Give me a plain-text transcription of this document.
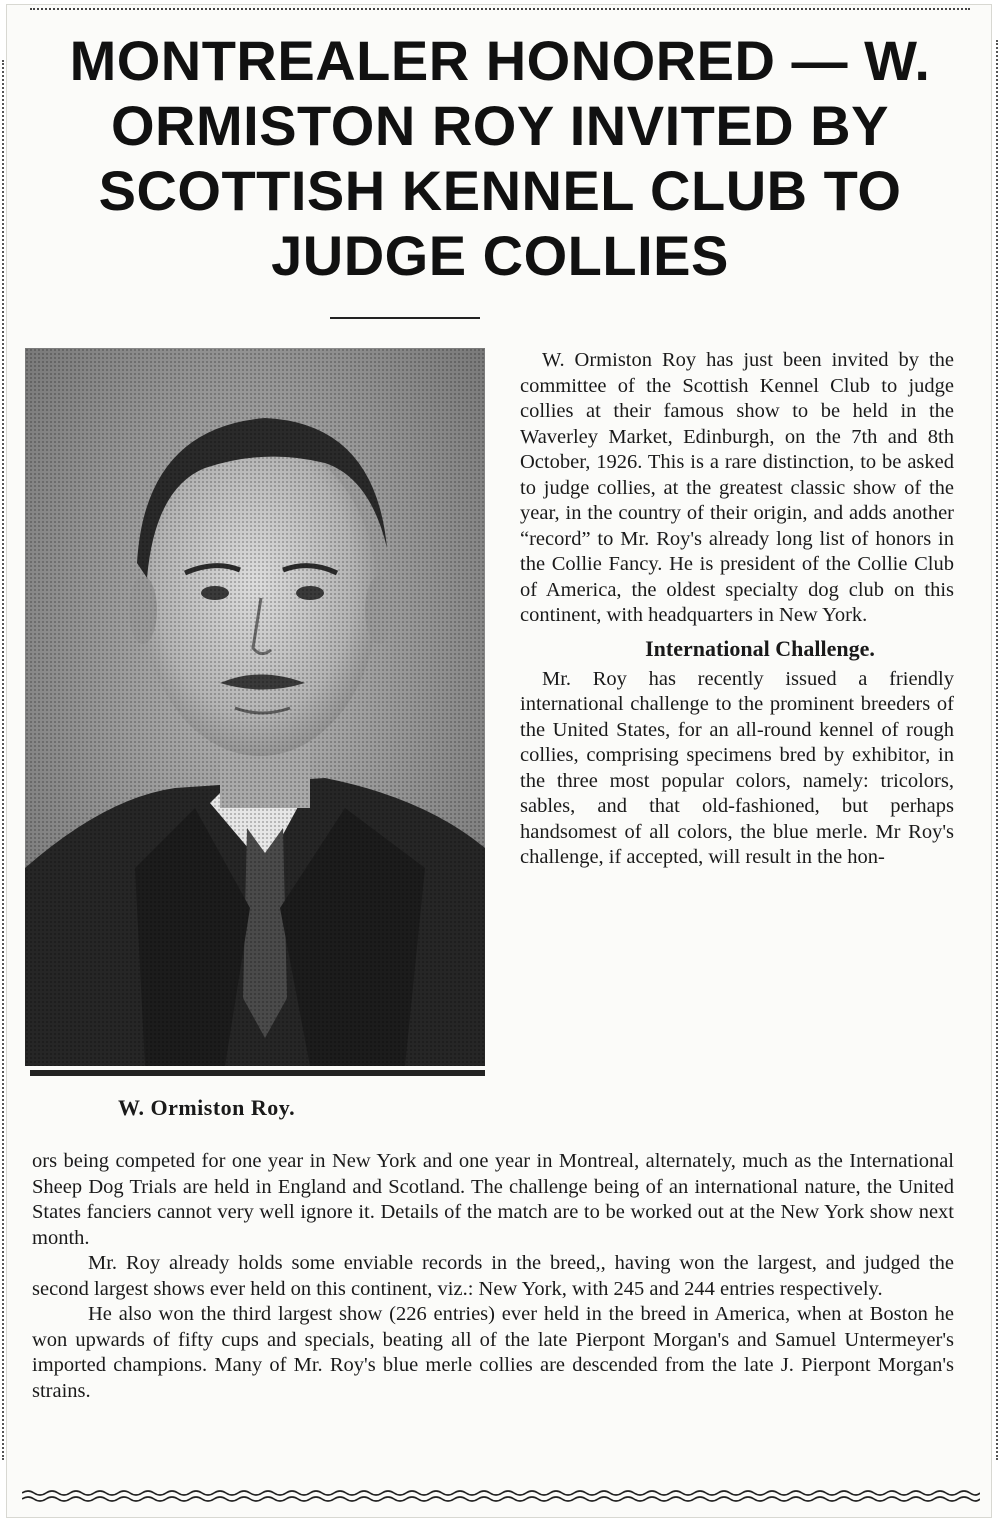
MONTREALER HONORED — W. ORMISTON ROY INVITED BY SCOTTISH KENNEL CLUB TO JUDGE COLLIES

W. Ormiston Roy.

W. Ormiston Roy has just been invited by the committee of the Scottish Kennel Club to judge collies at their famous show to be held in the Waverley Market, Edinburgh, on the 7th and 8th October, 1926. This is a rare distinction, to be asked to judge collies, at the greatest classic show of the year, in the country of their origin, and adds another “record” to Mr. Roy's already long list of honors in the Collie Fancy. He is president of the Collie Club of America, the oldest specialty dog club on this continent, with headquarters in New York.

International Challenge.

Mr. Roy has recently issued a friendly international challenge to the prominent breeders of the United States, for an all-round kennel of rough collies, comprising specimens bred by exhibitor, in the three most popular colors, namely: tricolors, sables, and that old-fashioned, but perhaps handsomest of all colors, the blue merle. Mr Roy's challenge, if accepted, will result in the hon-

ors being competed for one year in New York and one year in Montreal, alternately, much as the International Sheep Dog Trials are held in England and Scotland. The challenge being of an international nature, the United States fanciers cannot very well ignore it. Details of the match are to be worked out at the New York show next month.

Mr. Roy already holds some enviable records in the breed,, having won the largest, and judged the second largest shows ever held on this continent, viz.: New York, with 245 and 244 entries respectively.

He also won the third largest show (226 entries) ever held in the breed in America, when at Boston he won upwards of fifty cups and specials, beating all of the late Pierpont Morgan's and Samuel Untermeyer's imported champions. Many of Mr. Roy's blue merle collies are descended from the late J. Pierpont Morgan's strains.
